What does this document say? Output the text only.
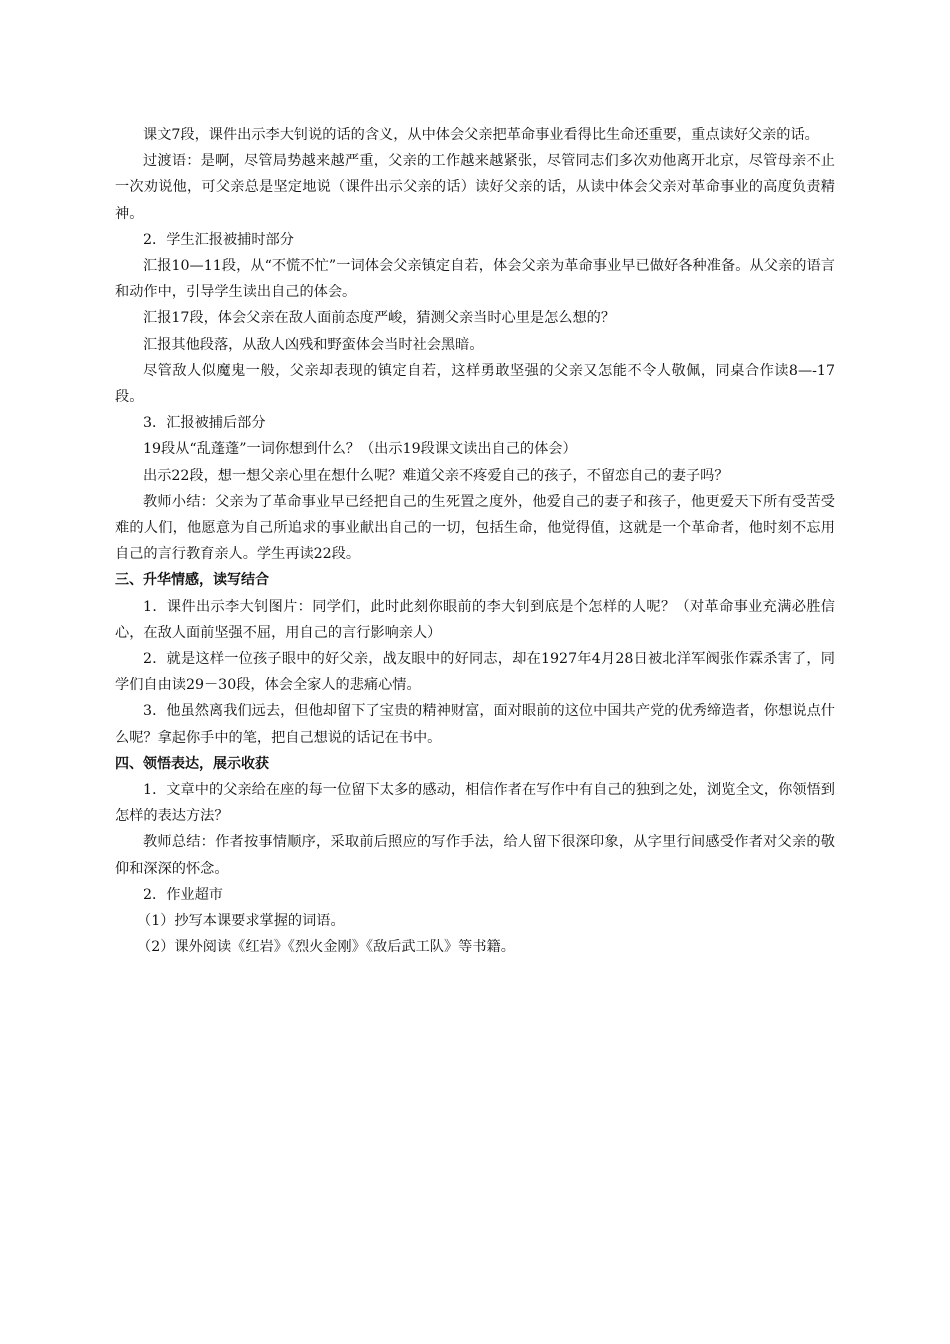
课文7段，课件出示李大钊说的话的含义，从中体会父亲把革命事业看得比生命还重要，重点读好父亲的话。

过渡语：是啊，尽管局势越来越严重，父亲的工作越来越紧张，尽管同志们多次劝他离开北京，尽管母亲不止一次劝说他，可父亲总是坚定地说（课件出示父亲的话）读好父亲的话，从读中体会父亲对革命事业的高度负责精神。

2．学生汇报被捕时部分

汇报10—11段，从“不慌不忙”一词体会父亲镇定自若，体会父亲为革命事业早已做好各种准备。从父亲的语言和动作中，引导学生读出自己的体会。

汇报17段，体会父亲在敌人面前态度严峻，猜测父亲当时心里是怎么想的？

汇报其他段落，从敌人凶残和野蛮体会当时社会黑暗。

尽管敌人似魔鬼一般，父亲却表现的镇定自若，这样勇敢坚强的父亲又怎能不令人敬佩，同桌合作读8—-17段。

3．汇报被捕后部分

19段从“乱蓬蓬”一词你想到什么？（出示19段课文读出自己的体会）

出示22段，想一想父亲心里在想什么呢？难道父亲不疼爱自己的孩子，不留恋自己的妻子吗？

教师小结：父亲为了革命事业早已经把自己的生死置之度外，他爱自己的妻子和孩子，他更爱天下所有受苦受难的人们，他愿意为自己所追求的事业献出自己的一切，包括生命，他觉得值，这就是一个革命者，他时刻不忘用自己的言行教育亲人。学生再读22段。

三、升华情感，读写结合

1．课件出示李大钊图片：同学们，此时此刻你眼前的李大钊到底是个怎样的人呢？（对革命事业充满必胜信心，在敌人面前坚强不屈，用自己的言行影响亲人）

2．就是这样一位孩子眼中的好父亲，战友眼中的好同志，却在1927年4月28日被北洋军阀张作霖杀害了，同学们自由读29－30段，体会全家人的悲痛心情。

3．他虽然离我们远去，但他却留下了宝贵的精神财富，面对眼前的这位中国共产党的优秀缔造者，你想说点什么呢？拿起你手中的笔，把自己想说的话记在书中。

四、领悟表达，展示收获

1．文章中的父亲给在座的每一位留下太多的感动，相信作者在写作中有自己的独到之处，浏览全文，你领悟到怎样的表达方法？

教师总结：作者按事情顺序，采取前后照应的写作手法，给人留下很深印象，从字里行间感受作者对父亲的敬仰和深深的怀念。

2．作业超市

（1）抄写本课要求掌握的词语。

（2）课外阅读《红岩》《烈火金刚》《敌后武工队》等书籍。
